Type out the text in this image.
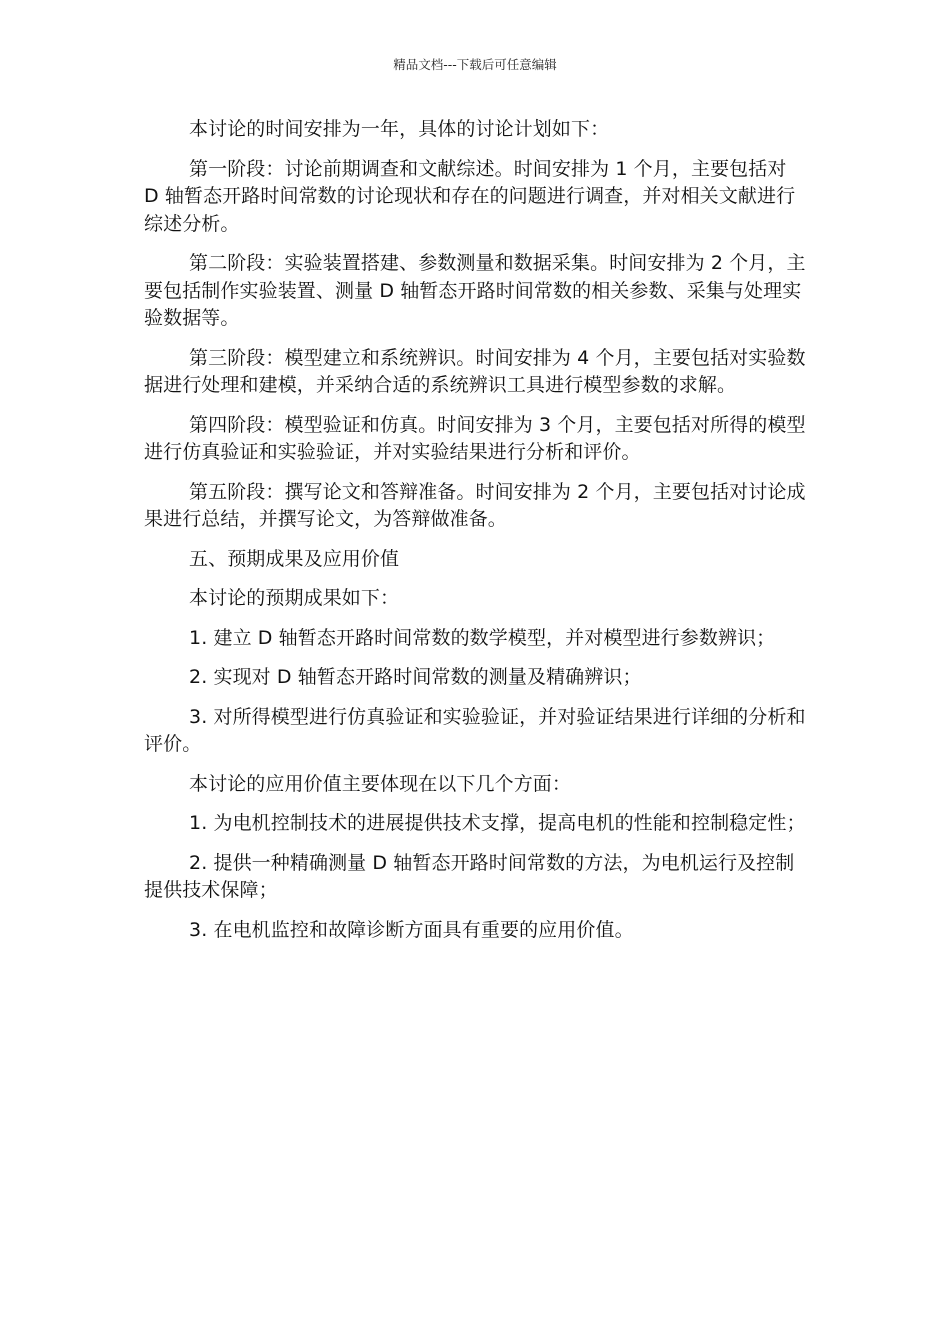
精品文档---下载后可任意编辑

本讨论的时间安排为一年，具体的讨论计划如下：

第一阶段：讨论前期调查和文献综述。时间安排为 1 个月，主要包括对 D 轴暂态开路时间常数的讨论现状和存在的问题进行调查，并对相关文献进行综述分析。

第二阶段：实验装置搭建、参数测量和数据采集。时间安排为 2 个月，主要包括制作实验装置、测量 D 轴暂态开路时间常数的相关参数、采集与处理实验数据等。

第三阶段：模型建立和系统辨识。时间安排为 4 个月，主要包括对实验数据进行处理和建模，并采纳合适的系统辨识工具进行模型参数的求解。

第四阶段：模型验证和仿真。时间安排为 3 个月，主要包括对所得的模型进行仿真验证和实验验证，并对实验结果进行分析和评价。

第五阶段：撰写论文和答辩准备。时间安排为 2 个月，主要包括对讨论成果进行总结，并撰写论文，为答辩做准备。

五、预期成果及应用价值

本讨论的预期成果如下：

1. 建立 D 轴暂态开路时间常数的数学模型，并对模型进行参数辨识；

2. 实现对 D 轴暂态开路时间常数的测量及精确辨识；

3. 对所得模型进行仿真验证和实验验证，并对验证结果进行详细的分析和评价。

本讨论的应用价值主要体现在以下几个方面：

1. 为电机控制技术的进展提供技术支撑，提高电机的性能和控制稳定性；

2. 提供一种精确测量 D 轴暂态开路时间常数的方法，为电机运行及控制提供技术保障；

3. 在电机监控和故障诊断方面具有重要的应用价值。
